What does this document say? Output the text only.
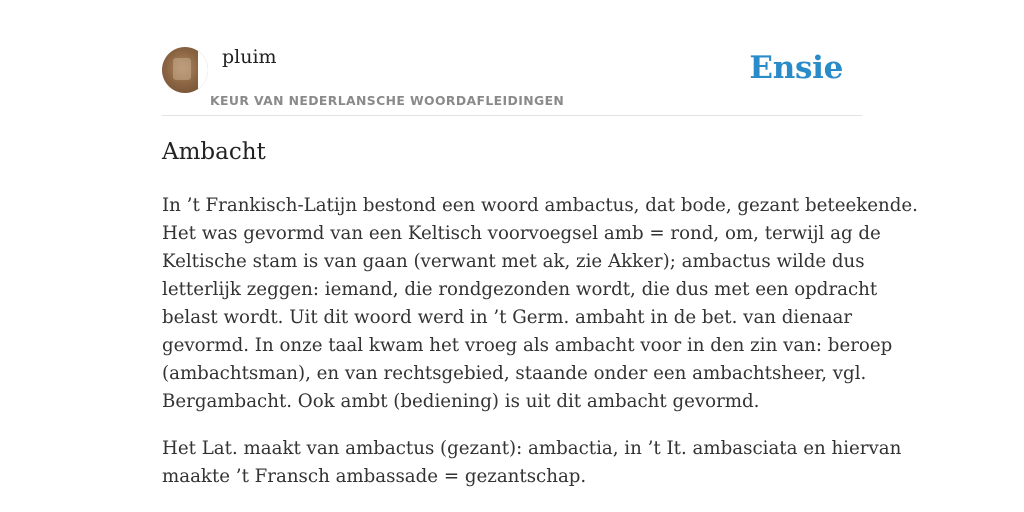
pluim
KEUR VAN NEDERLANSCHE WOORDAFLEIDINGEN
Ensie
Ambacht
In ’t Frankisch-Latijn bestond een woord ambactus, dat bode, gezant beteekende.
Het was gevormd van een Keltisch voorvoegsel amb = rond, om, terwijl ag de
Keltische stam is van gaan (verwant met ak, zie Akker); ambactus wilde dus
letterlijk zeggen: iemand, die rondgezonden wordt, die dus met een opdracht
belast wordt. Uit dit woord werd in ’t Germ. ambaht in de bet. van dienaar
gevormd. In onze taal kwam het vroeg als ambacht voor in den zin van: beroep
(ambachtsman), en van rechtsgebied, staande onder een ambachtsheer, vgl.
Bergambacht. Ook ambt (bediening) is uit dit ambacht gevormd.
Het Lat. maakt van ambactus (gezant): ambactia, in ’t It. ambasciata en hiervan
maakte ’t Fransch ambassade = gezantschap.
